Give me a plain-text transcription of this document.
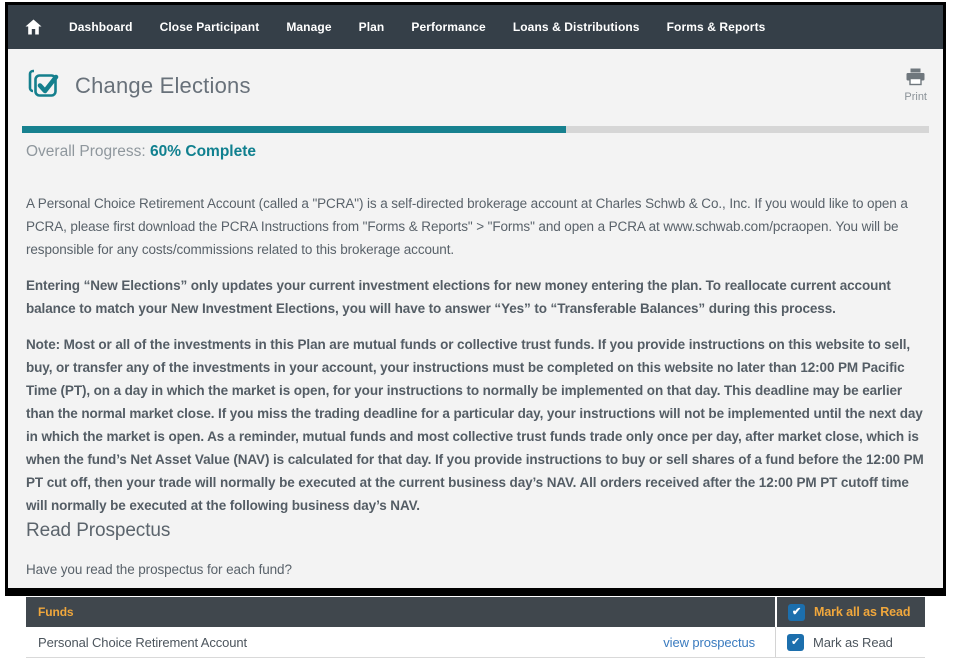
Dashboard Close Participant Manage Plan Performance Loans & Distributions Forms & Reports
Change Elections	Print
Overall Progress: 60% Complete

A Personal Choice Retirement Account (called a "PCRA") is a self-directed brokerage account at Charles Schwb & Co., Inc. If you would like to open a PCRA, please first download the PCRA Instructions from "Forms & Reports" > "Forms" and open a PCRA at www.schwab.com/pcraopen. You will be responsible for any costs/commissions related to this brokerage account.

Entering “New Elections” only updates your current investment elections for new money entering the plan. To reallocate current account balance to match your New Investment Elections, you will have to answer “Yes” to “Transferable Balances” during this process.

Note: Most or all of the investments in this Plan are mutual funds or collective trust funds. If you provide instructions on this website to sell, buy, or transfer any of the investments in your account, your instructions must be completed on this website no later than 12:00 PM Pacific Time (PT), on a day in which the market is open, for your instructions to normally be implemented on that day. This deadline may be earlier than the normal market close. If you miss the trading deadline for a particular day, your instructions will not be implemented until the next day in which the market is open. As a reminder, mutual funds and most collective trust funds trade only once per day, after market close, which is when the fund’s Net Asset Value (NAV) is calculated for that day. If you provide instructions to buy or sell shares of a fund before the 12:00 PM PT cut off, then your trade will normally be executed at the current business day’s NAV. All orders received after the 12:00 PM PT cutoff time will normally be executed at the following business day’s NAV.

Read Prospectus
Have you read the prospectus for each fund?
Funds	✔	Mark all as Read
Personal Choice Retirement Account	view prospectus	✔ Mark as Read
